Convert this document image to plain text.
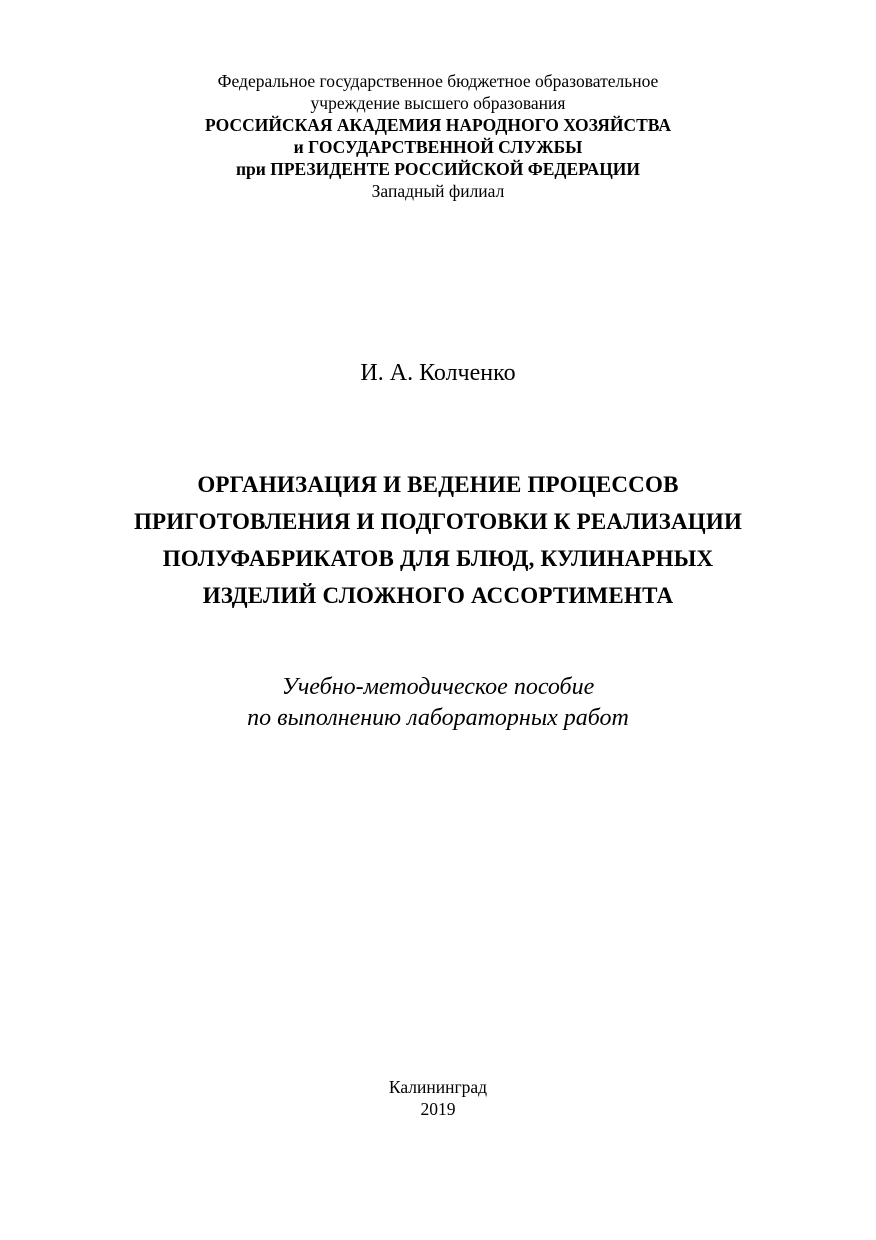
Федеральное государственное бюджетное образовательное
учреждение высшего образования
РОССИЙСКАЯ АКАДЕМИЯ НАРОДНОГО ХОЗЯЙСТВА
и ГОСУДАРСТВЕННОЙ СЛУЖБЫ
при ПРЕЗИДЕНТЕ РОССИЙСКОЙ ФЕДЕРАЦИИ
Западный филиал
И. А. Колченко
ОРГАНИЗАЦИЯ И ВЕДЕНИЕ ПРОЦЕССОВ
ПРИГОТОВЛЕНИЯ И ПОДГОТОВКИ К РЕАЛИЗАЦИИ
ПОЛУФАБРИКАТОВ ДЛЯ БЛЮД, КУЛИНАРНЫХ
ИЗДЕЛИЙ СЛОЖНОГО АССОРТИМЕНТА
Учебно-методическое пособие
по выполнению лабораторных работ
Калининград
2019
